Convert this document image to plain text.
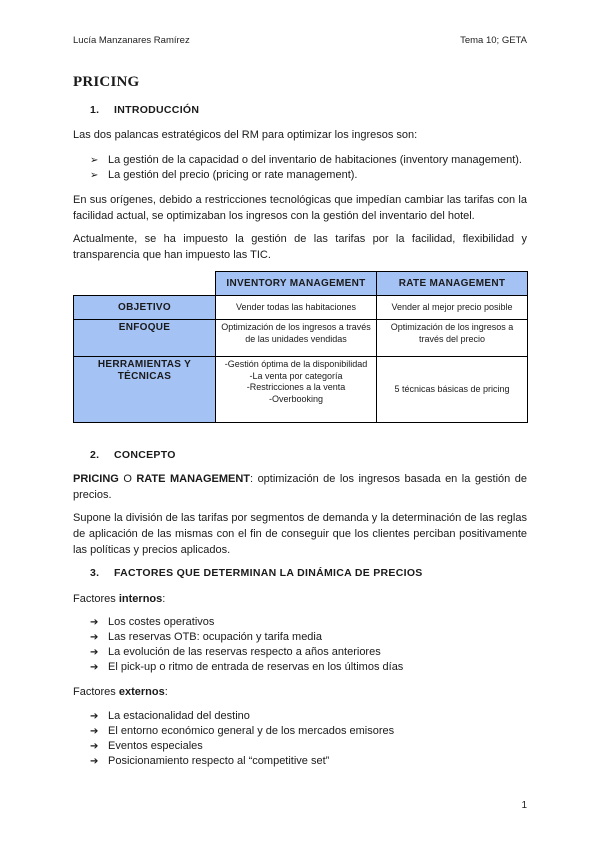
Lucía Manzanares Ramírez	Tema 10; GETA
PRICING
1. INTRODUCCIÓN
Las dos palancas estratégicos del RM para optimizar los ingresos son:
➢ La gestión de la capacidad o del inventario de habitaciones (inventory management).
➢ La gestión del precio (pricing or rate management).
En sus orígenes, debido a restricciones tecnológicas que impedían cambiar las tarifas con la facilidad actual, se optimizaban los ingresos con la gestión del inventario del hotel.
Actualmente, se ha impuesto la gestión de las tarifas por la facilidad, flexibilidad y transparencia que han impuesto las TIC.
	INVENTORY MANAGEMENT	RATE MANAGEMENT
OBJETIVO	Vender todas las habitaciones	Vender al mejor precio posible
ENFOQUE	Optimización de los ingresos a través de las unidades vendidas	Optimización de los ingresos a través del precio
HERRAMIENTAS Y TÉCNICAS	-Gestión óptima de la disponibilidad
-La venta por categoría
-Restricciones a la venta
-Overbooking	5 técnicas básicas de pricing
2. CONCEPTO
PRICING O RATE MANAGEMENT: optimización de los ingresos basada en la gestión de precios.
Supone la división de las tarifas por segmentos de demanda y la determinación de las reglas de aplicación de las mismas con el fin de conseguir que los clientes perciban positivamente las políticas y precios aplicados.
3. FACTORES QUE DETERMINAN LA DINÁMICA DE PRECIOS
Factores internos:
➔ Los costes operativos
➔ Las reservas OTB: ocupación y tarifa media
➔ La evolución de las reservas respecto a años anteriores
➔ El pick-up o ritmo de entrada de reservas en los últimos días
Factores externos:
➔ La estacionalidad del destino
➔ El entorno económico general y de los mercados emisores
➔ Eventos especiales
➔ Posicionamiento respecto al “competitive set”
1
